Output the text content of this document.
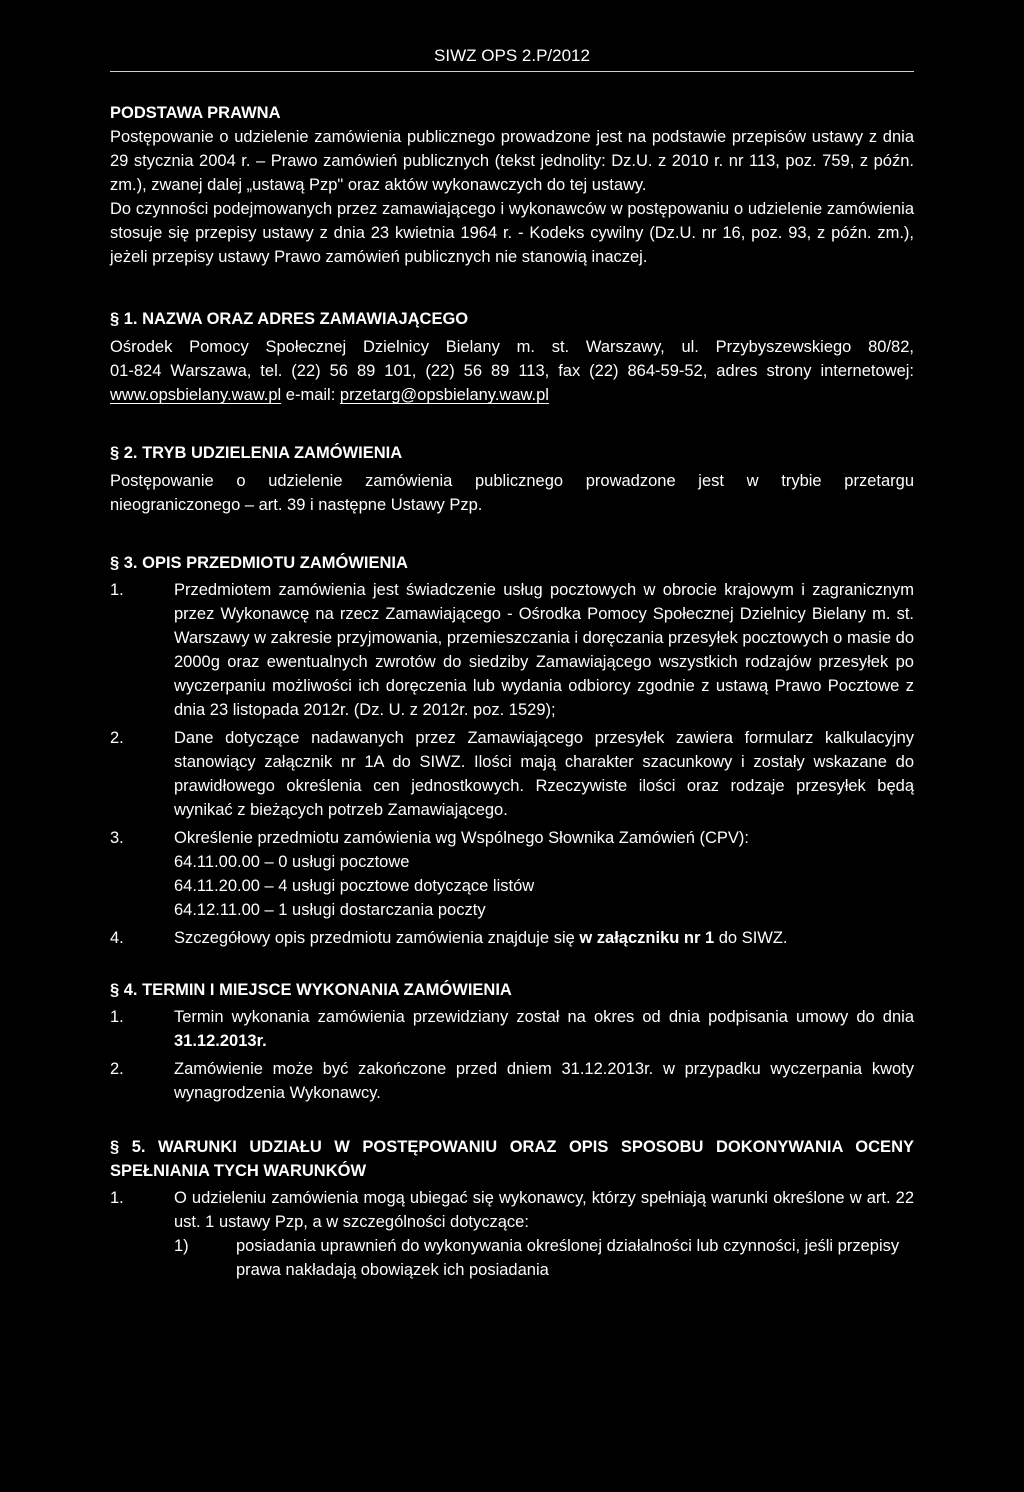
SIWZ OPS 2.P/2012
PODSTAWA PRAWNA

Postępowanie o udzielenie zamówienia publicznego prowadzone jest na podstawie przepisów ustawy z dnia 29 stycznia 2004 r. – Prawo zamówień publicznych (tekst jednolity: Dz.U. z 2010 r. nr 113, poz. 759, z późn. zm.), zwanej dalej „ustawą Pzp" oraz aktów wykonawczych do tej ustawy.

Do czynności podejmowanych przez zamawiającego i wykonawców w postępowaniu o udzielenie zamówienia stosuje się przepisy ustawy z dnia 23 kwietnia 1964 r. - Kodeks cywilny (Dz.U. nr 16, poz. 93, z późn. zm.), jeżeli przepisy ustawy Prawo zamówień publicznych nie stanowią inaczej.

§ 1. NAZWA ORAZ ADRES ZAMAWIAJĄCEGO

Ośrodek Pomocy Społecznej Dzielnicy Bielany m. st. Warszawy, ul. Przybyszewskiego 80/82,

01-824 Warszawa, tel. (22) 56 89 101, (22) 56 89 113, fax (22) 864-59-52, adres strony internetowej:

www.opsbielany.waw.pl e-mail: przetarg@opsbielany.waw.pl

§ 2. TRYB UDZIELENIA ZAMÓWIENIA

Postępowanie o udzielenie zamówienia publicznego prowadzone jest w trybie przetargu

nieograniczonego – art. 39 i następne Ustawy Pzp.

§ 3. OPIS PRZEDMIOTU ZAMÓWIENIA
1.	Przedmiotem zamówienia jest świadczenie usług pocztowych w obrocie krajowym i zagranicznym przez Wykonawcę na rzecz Zamawiającego - Ośrodka Pomocy Społecznej Dzielnicy Bielany m. st. Warszawy w zakresie przyjmowania, przemieszczania i doręczania przesyłek pocztowych o masie do 2000g oraz ewentualnych zwrotów do siedziby Zamawiającego wszystkich rodzajów przesyłek po wyczerpaniu możliwości ich doręczenia lub wydania odbiorcy zgodnie z ustawą Prawo Pocztowe z dnia 23 listopada 2012r. (Dz. U. z 2012r. poz. 1529);
2.	Dane dotyczące nadawanych przez Zamawiającego przesyłek zawiera formularz kalkulacyjny stanowiący załącznik nr 1A do SIWZ. Ilości mają charakter szacunkowy i zostały wskazane do prawidłowego określenia cen jednostkowych. Rzeczywiste ilości oraz rodzaje przesyłek będą wynikać z bieżących potrzeb Zamawiającego.
3.	Określenie przedmiotu zamówienia wg Wspólnego Słownika Zamówień (CPV):
64.11.00.00 – 0 usługi pocztowe
64.11.20.00 – 4 usługi pocztowe dotyczące listów
64.12.11.00 – 1 usługi dostarczania poczty
4.	Szczegółowy opis przedmiotu zamówienia znajduje się w załączniku nr 1 do SIWZ.
§ 4. TERMIN I MIEJSCE WYKONANIA ZAMÓWIENIA
1.	Termin wykonania zamówienia przewidziany został na okres od dnia podpisania umowy do dnia 31.12.2013r.
2.	Zamówienie może być zakończone przed dniem 31.12.2013r. w przypadku wyczerpania kwoty wynagrodzenia Wykonawcy.
§ 5. WARUNKI UDZIAŁU W POSTĘPOWANIU ORAZ OPIS SPOSOBU DOKONYWANIA OCENY SPEŁNIANIA TYCH WARUNKÓW
1.	O udzieleniu zamówienia mogą ubiegać się wykonawcy, którzy spełniają warunki określone w art. 22 ust. 1 ustawy Pzp, a w szczególności dotyczące:
1)	posiadania uprawnień do wykonywania określonej działalności lub czynności, jeśli przepisy prawa nakładają obowiązek ich posiadania
